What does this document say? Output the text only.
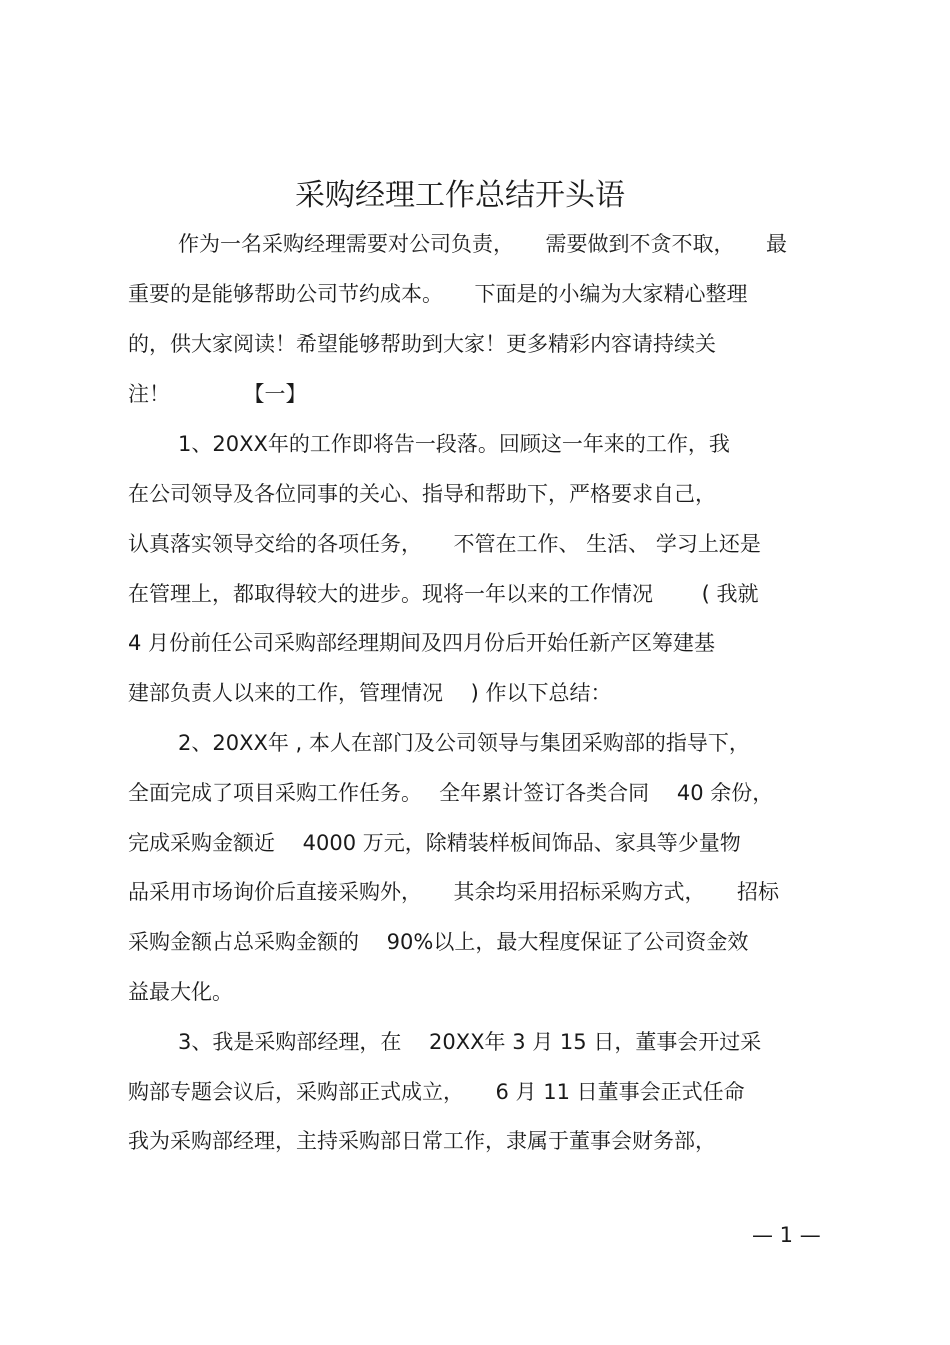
采购经理工作总结开头语
作为一名采购经理需要对公司负责，　　需要做到不贪不取，　　最
重要的是能够帮助公司节约成本。　　下面是的小编为大家精心整理
的，供大家阅读！希望能够帮助到大家！更多精彩内容请持续关
注！　　　　【一】
1、20XX年的工作即将告一段落。回顾这一年来的工作，我
在公司领导及各位同事的关心、指导和帮助下，严格要求自己，
认真落实领导交给的各项任务，　　不管在工作、 生活、 学习上还是
在管理上，都取得较大的进步。现将一年以来的工作情况　　 ( 我就
4 月份前任公司采购部经理期间及四月份后开始任新产区筹建基
建部负责人以来的工作，管理情况　 ) 作以下总结：
2、20XX年 , 本人在部门及公司领导与集团采购部的指导下，
全面完成了项目采购工作任务。　 全年累计签订各类合同　 40 余份，
完成采购金额近　 4000 万元，除精装样板间饰品、家具等少量物
品采用市场询价后直接采购外，　　其余均采用招标采购方式，　　招标
采购金额占总采购金额的　 90%以上，最大程度保证了公司资金效
益最大化。
3、我是采购部经理，在　 20XX年 3 月 15 日，董事会开过采
购部专题会议后，采购部正式成立，　　6 月 11 日董事会正式任命
我为采购部经理，主持采购部日常工作，隶属于董事会财务部，
— 1 —
